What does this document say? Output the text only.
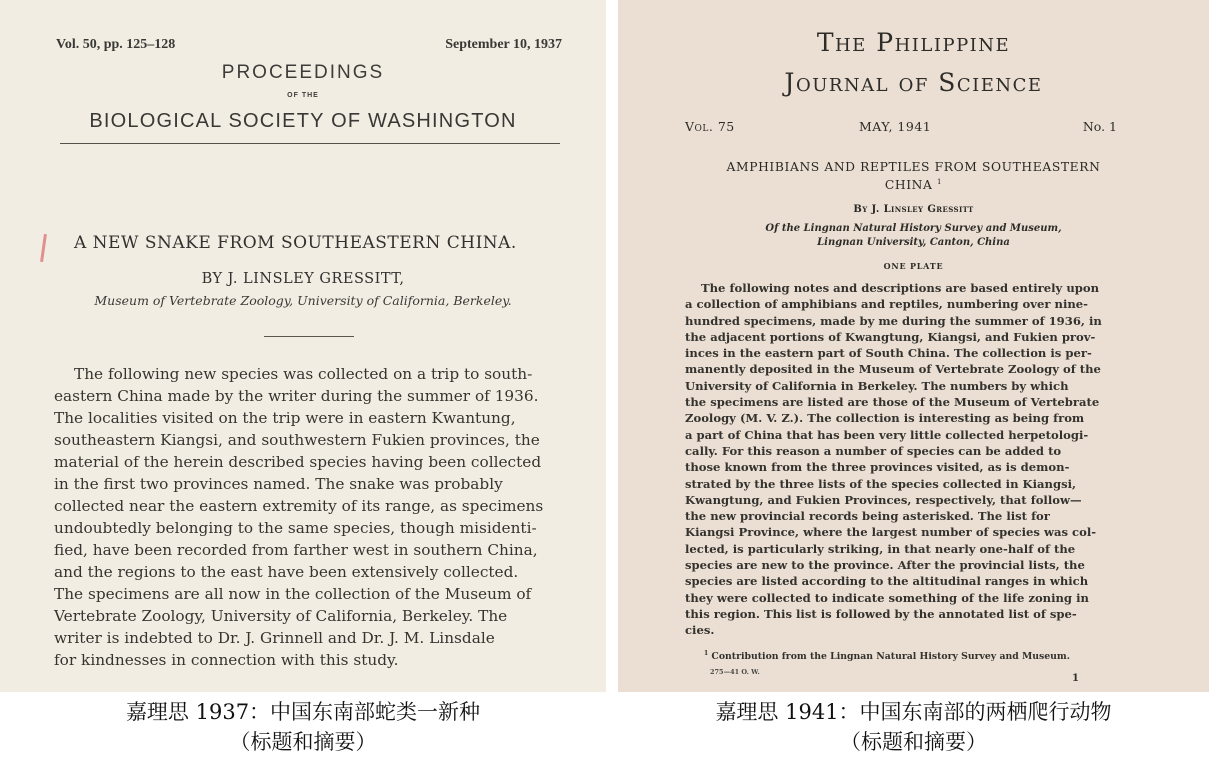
Vol. 50, pp. 125–128	September 10, 1937
PROCEEDINGS
OF THE
BIOLOGICAL SOCIETY OF WASHINGTON
A NEW SNAKE FROM SOUTHEASTERN CHINA.
BY J. LINSLEY GRESSITT,
Museum of Vertebrate Zoology, University of California, Berkeley.
The following new species was collected on a trip to south-
eastern China made by the writer during the summer of 1936.
The localities visited on the trip were in eastern Kwantung,
southeastern Kiangsi, and southwestern Fukien provinces, the
material of the herein described species having been collected
in the first two provinces named. The snake was probably
collected near the eastern extremity of its range, as specimens
undoubtedly belonging to the same species, though misidenti-
fied, have been recorded from farther west in southern China,
and the regions to the east have been extensively collected.
The specimens are all now in the collection of the Museum of
Vertebrate Zoology, University of California, Berkeley. The
writer is indebted to Dr. J. Grinnell and Dr. J. M. Linsdale
for kindnesses in connection with this study.
The Philippine
Journal of Science
Vol. 75	MAY, 1941	No. 1
AMPHIBIANS AND REPTILES FROM SOUTHEASTERN
CHINA $^1$
By J. Linsley Gressitt
Of the Lingnan Natural History Survey and Museum,
Lingnan University, Canton, China
ONE PLATE
The following notes and descriptions are based entirely upon
a collection of amphibians and reptiles, numbering over nine-
hundred specimens, made by me during the summer of 1936, in
the adjacent portions of Kwangtung, Kiangsi, and Fukien prov-
inces in the eastern part of South China. The collection is per-
manently deposited in the Museum of Vertebrate Zoology of the
University of California in Berkeley. The numbers by which
the specimens are listed are those of the Museum of Vertebrate
Zoology (M. V. Z.). The collection is interesting as being from
a part of China that has been very little collected herpetologi-
cally. For this reason a number of species can be added to
those known from the three provinces visited, as is demon-
strated by the three lists of the species collected in Kiangsi,
Kwangtung, and Fukien Provinces, respectively, that follow—
the new provincial records being asterisked. The list for
Kiangsi Province, where the largest number of species was col-
lected, is particularly striking, in that nearly one-half of the
species are new to the province. After the provincial lists, the
species are listed according to the altitudinal ranges in which
they were collected to indicate something of the life zoning in
this region. This list is followed by the annotated list of spe-
cies.
$^1$ Contribution from the Lingnan Natural History Survey and Museum.
275—41 O. W.
1
嘉理思 1937：中国东南部蛇类一新种
（标题和摘要）
嘉理思 1941：中国东南部的两栖爬行动物
（标题和摘要）
